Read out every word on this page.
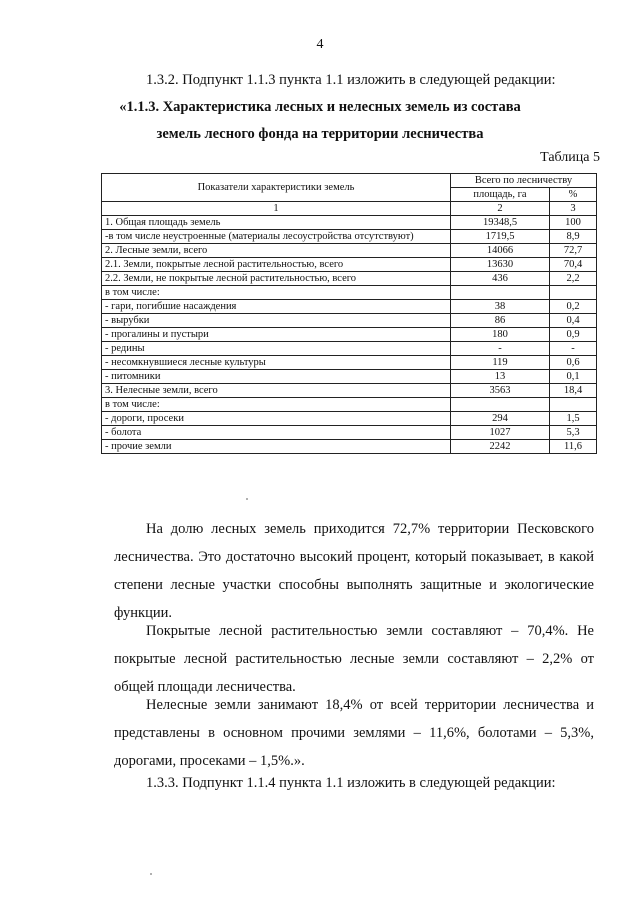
4
1.3.2. Подпункт 1.1.3 пункта 1.1 изложить в следующей редакции:
«1.1.3. Характеристика лесных и нелесных земель из состава
земель лесного фонда на территории лесничества
Таблица 5
Показатели характеристики земель	Всего по лесничеству	
	площадь, га	%
1	2	3
1. Общая площадь земель	19348,5	100
-в том числе неустроенные (материалы лесоустройства отсутствуют)	1719,5	8,9
2. Лесные земли, всего	14066	72,7
2.1. Земли, покрытые лесной растительностью, всего	13630	70,4
2.2. Земли, не покрытые лесной растительностью, всего	436	2,2
в том числе:		
- гари, погибшие насаждения	38	0,2
- вырубки	86	0,4
- прогалины и пустыри	180	0,9
- редины	-	-
- несомкнувшиеся лесные культуры	119	0,6
- питомники	13	0,1
3. Нелесные земли, всего	3563	18,4
в том числе:		
- дороги, просеки	294	1,5
- болота	1027	5,3
- прочие земли	2242	11,6
На долю лесных земель приходится 72,7% территории Песковского лесничества. Это достаточно высокий процент, который показывает, в какой степени лесные участки способны выполнять защитные и экологические функции.
Покрытые лесной растительностью земли составляют – 70,4%. Не покрытые лесной растительностью лесные земли составляют – 2,2% от общей площади лесничества.
Нелесные земли занимают 18,4% от всей территории лесничества и представлены в основном прочими землями – 11,6%, болотами – 5,3%, дорогами, просеками – 1,5%.».
1.3.3. Подпункт 1.1.4 пункта 1.1 изложить в следующей редакции:
